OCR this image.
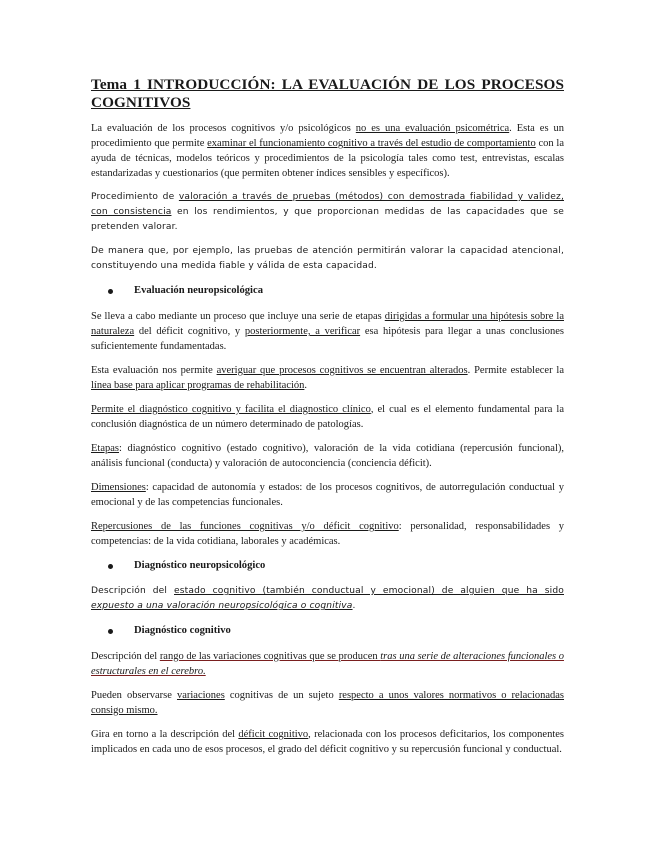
Tema 1 INTRODUCCIÓN: LA EVALUACIÓN DE LOS PROCESOS
COGNITIVOS

La evaluación de los procesos cognitivos y/o psicológicos no es una evaluación psicométrica. Esta es un procedimiento que permite examinar el funcionamiento cognitivo a través del estudio de comportamiento con la ayuda de técnicas, modelos teóricos y procedimientos de la psicología tales como test, entrevistas, escalas estandarizadas y cuestionarios (que permiten obtener índices sensibles y específicos).

Procedimiento de valoración a través de pruebas (métodos) con demostrada fiabilidad y validez, con consistencia en los rendimientos, y que proporcionan medidas de las capacidades que se pretenden valorar.

De manera que, por ejemplo, las pruebas de atención permitirán valorar la capacidad atencional, constituyendo una medida fiable y válida de esta capacidad.

Evaluación neuropsicológica

Se lleva a cabo mediante un proceso que incluye una serie de etapas dirigidas a formular una hipótesis sobre la naturaleza del déficit cognitivo, y posteriormente, a verificar esa hipótesis para llegar a unas conclusiones suficientemente fundamentadas.

Esta evaluación nos permite averiguar que procesos cognitivos se encuentran alterados. Permite establecer la línea base para aplicar programas de rehabilitación.

Permite el diagnóstico cognitivo y facilita el diagnostico clínico, el cual es el elemento fundamental para la conclusión diagnóstica de un número determinado de patologías.

Etapas: diagnóstico cognitivo (estado cognitivo), valoración de la vida cotidiana (repercusión funcional), análisis funcional (conducta) y valoración de autoconciencia (conciencia déficit).

Dimensiones: capacidad de autonomía y estados: de los procesos cognitivos, de autorregulación conductual y emocional y de las competencias funcionales.

Repercusiones de las funciones cognitivas y/o déficit cognitivo: personalidad, responsabilidades y competencias: de la vida cotidiana, laborales y académicas.

Diagnóstico neuropsicológico

Descripción del estado cognitivo (también conductual y emocional) de alguien que ha sido expuesto a una valoración neuropsicológica o cognitiva.

Diagnóstico cognitivo

Descripción del rango de las variaciones cognitivas que se producen tras una serie de alteraciones funcionales o estructurales en el cerebro.

Pueden observarse variaciones cognitivas de un sujeto respecto a unos valores normativos o relacionadas consigo mismo.

Gira en torno a la descripción del déficit cognitivo, relacionada con los procesos deficitarios, los componentes implicados en cada uno de esos procesos, el grado del déficit cognitivo y su repercusión funcional y conductual.
